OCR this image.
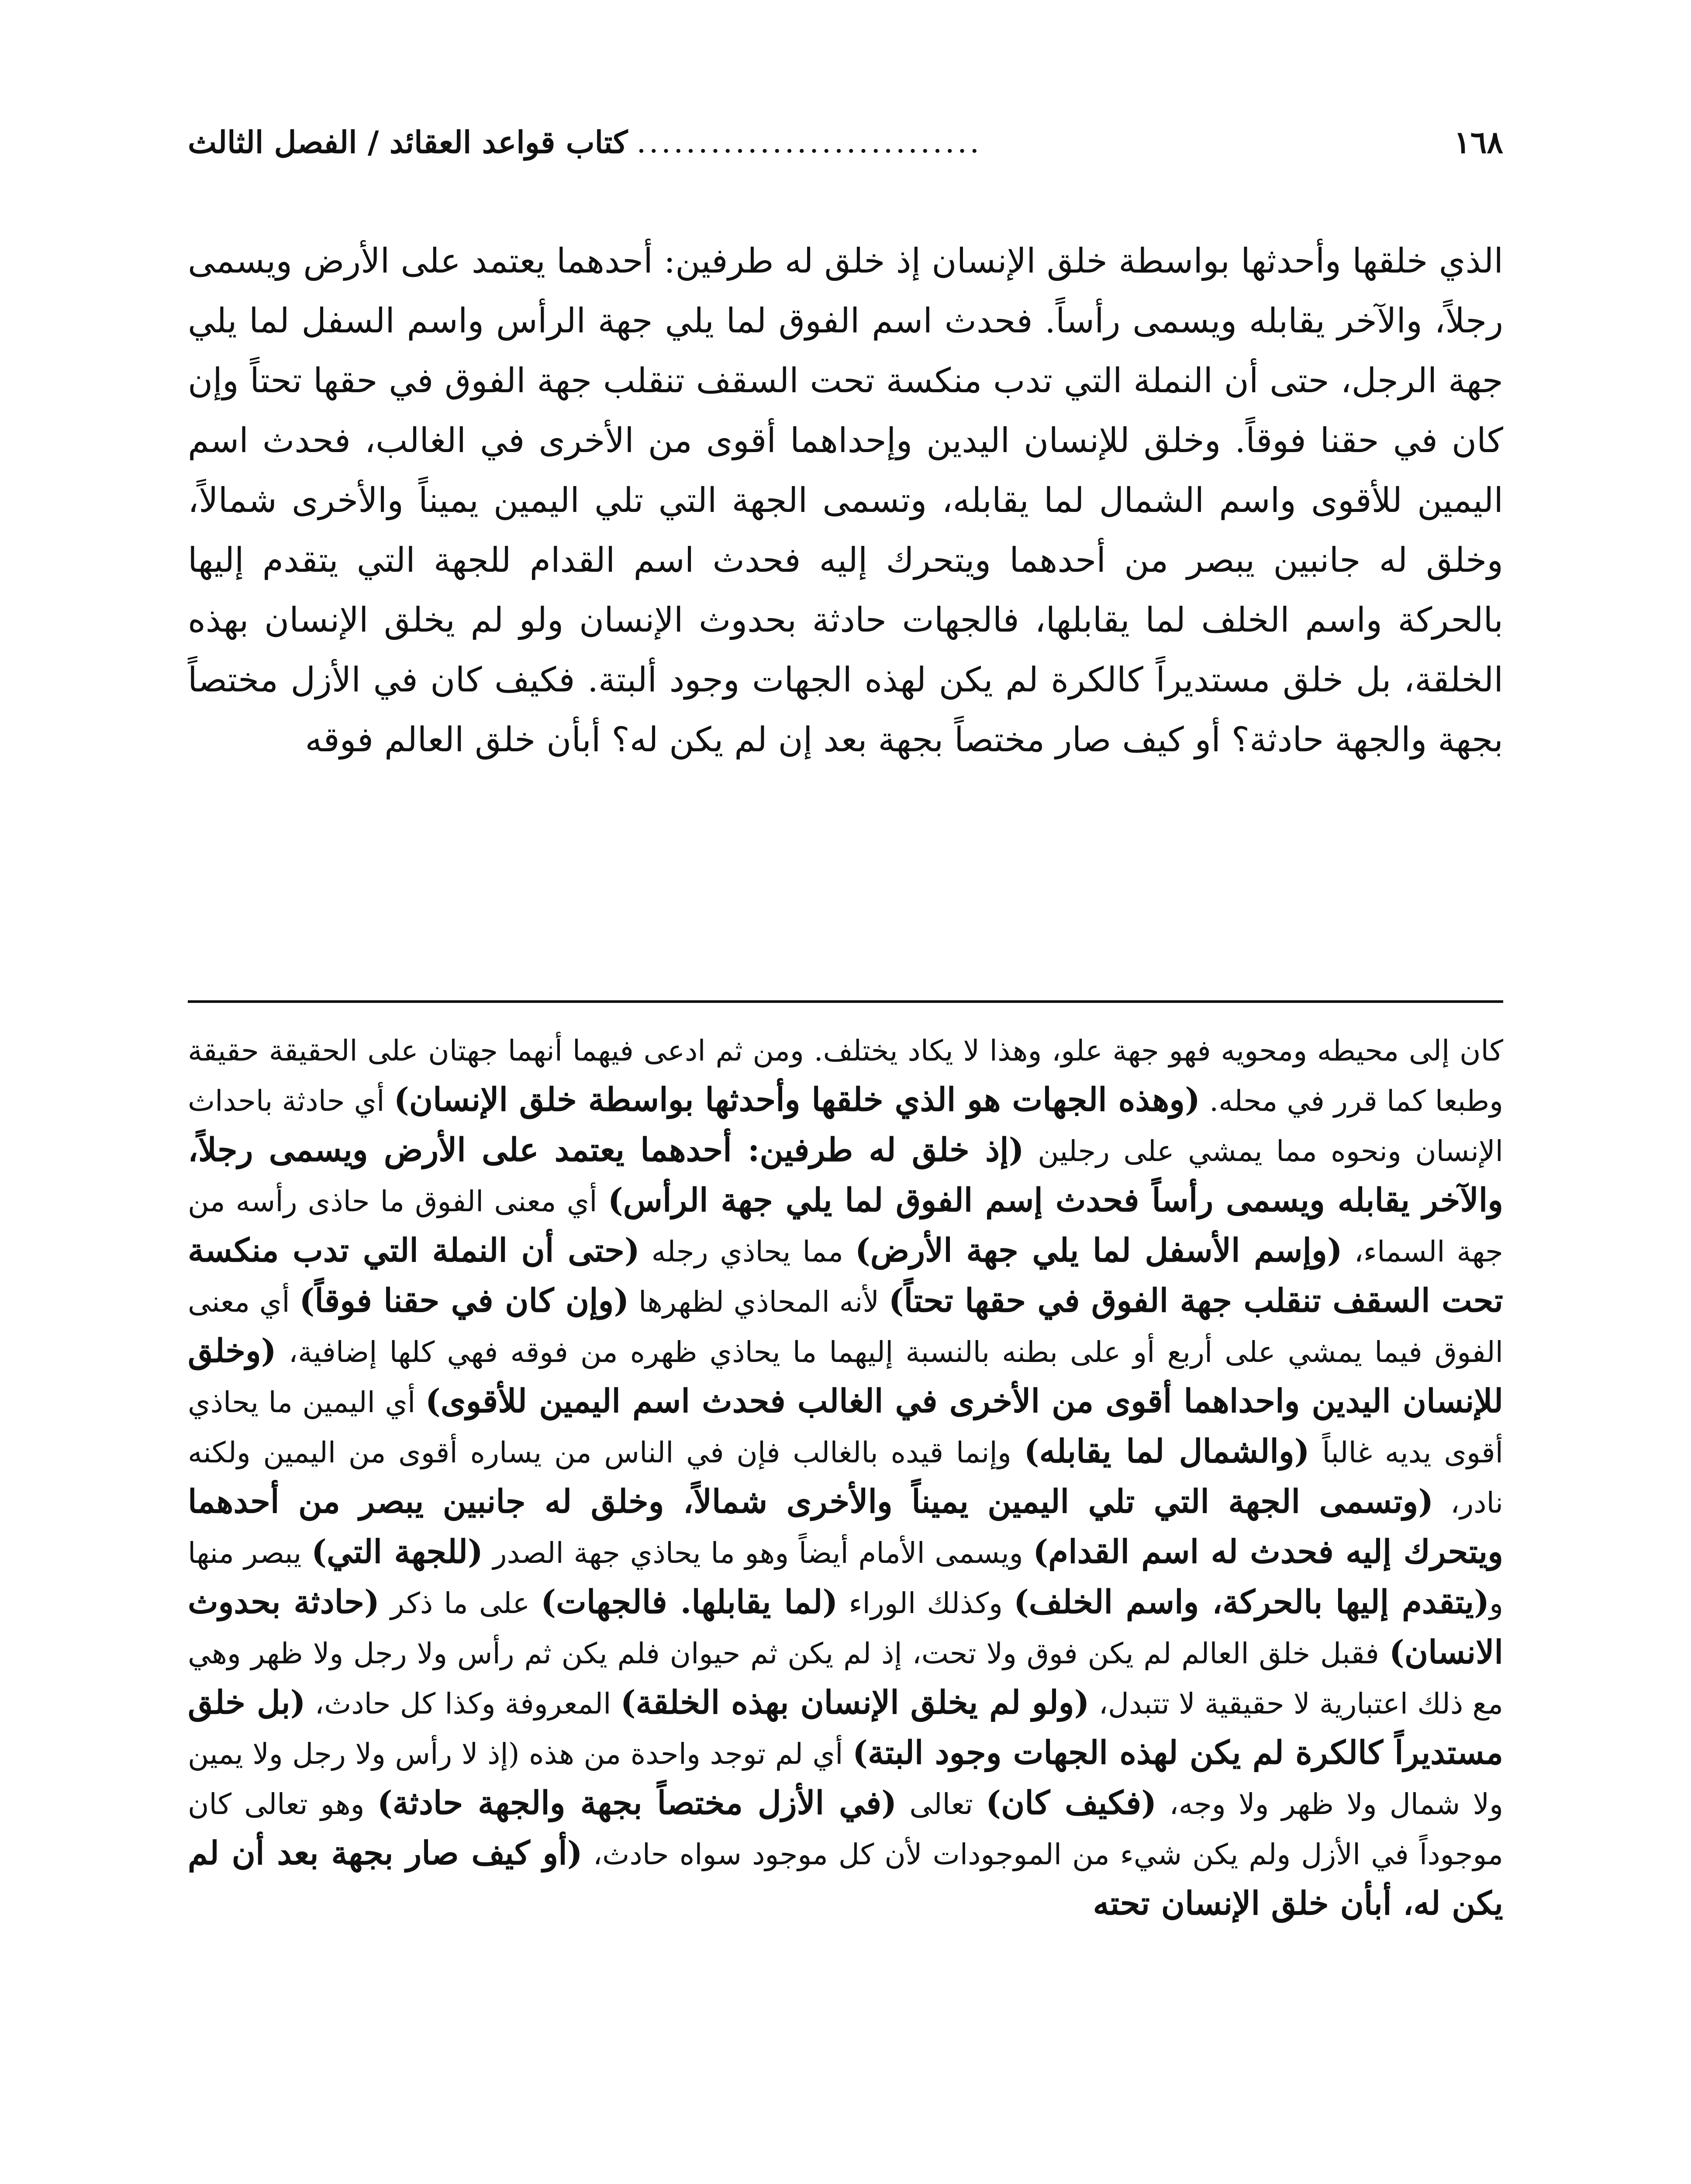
١٦٨
............................
كتاب قواعد العقائد / الفصل الثالث

الذي خلقها وأحدثها بواسطة خلق الإنسان إذ خلق له طرفين: أحدهما يعتمد على الأرض ويسمى رجلاً، والآخر يقابله ويسمى رأساً. فحدث اسم الفوق لما يلي جهة الرأس واسم السفل لما يلي جهة الرجل، حتى أن النملة التي تدب منكسة تحت السقف تنقلب جهة الفوق في حقها تحتاً وإن كان في حقنا فوقاً. وخلق للإنسان اليدين وإحداهما أقوى من الأخرى في الغالب، فحدث اسم اليمين للأقوى واسم الشمال لما يقابله، وتسمى الجهة التي تلي اليمين يميناً والأخرى شمالاً، وخلق له جانبين يبصر من أحدهما ويتحرك إليه فحدث اسم القدام للجهة التي يتقدم إليها بالحركة واسم الخلف لما يقابلها، فالجهات حادثة بحدوث الإنسان ولو لم يخلق الإنسان بهذه الخلقة، بل خلق مستديراً كالكرة لم يكن لهذه الجهات وجود ألبتة. فكيف كان في الأزل مختصاً بجهة والجهة حادثة؟ أو كيف صار مختصاً بجهة بعد إن لم يكن له؟ أبأن خلق العالم فوقه

كان إلى محيطه ومحويه فهو جهة علو، وهذا لا يكاد يختلف. ومن ثم ادعى فيهما أنهما جهتان على الحقيقة حقيقة وطبعا كما قرر في محله. (وهذه الجهات هو الذي خلقها وأحدثها بواسطة خلق الإنسان) أي حادثة باحداث الإنسان ونحوه مما يمشي على رجلين (إذ خلق له طرفين: أحدهما يعتمد على الأرض ويسمى رجلاً، والآخر يقابله ويسمى رأساً فحدث إسم الفوق لما يلي جهة الرأس) أي معنى الفوق ما حاذى رأسه من جهة السماء، (وإسم الأسفل لما يلي جهة الأرض) مما يحاذي رجله (حتى أن النملة التي تدب منكسة تحت السقف تنقلب جهة الفوق في حقها تحتاً) لأنه المحاذي لظهرها (وإن كان في حقنا فوقاً) أي معنى الفوق فيما يمشي على أربع أو على بطنه بالنسبة إليهما ما يحاذي ظهره من فوقه فهي كلها إضافية، (وخلق للإنسان اليدين واحداهما أقوى من الأخرى في الغالب فحدث اسم اليمين للأقوى) أي اليمين ما يحاذي أقوى يديه غالباً (والشمال لما يقابله) وإنما قيده بالغالب فإن في الناس من يساره أقوى من اليمين ولكنه نادر، (وتسمى الجهة التي تلي اليمين يميناً والأخرى شمالاً، وخلق له جانبين يبصر من أحدهما ويتحرك إليه فحدث له اسم القدام) ويسمى الأمام أيضاً وهو ما يحاذي جهة الصدر (للجهة التي) يبصر منها و(يتقدم إليها بالحركة، واسم الخلف) وكذلك الوراء (لما يقابلها. فالجهات) على ما ذكر (حادثة بحدوث الانسان) فقبل خلق العالم لم يكن فوق ولا تحت، إذ لم يكن ثم حيوان فلم يكن ثم رأس ولا رجل ولا ظهر وهي مع ذلك اعتبارية لا حقيقية لا تتبدل، (ولو لم يخلق الإنسان بهذه الخلقة) المعروفة وكذا كل حادث، (بل خلق مستديراً كالكرة لم يكن لهذه الجهات وجود البتة) أي لم توجد واحدة من هذه (إذ لا رأس ولا رجل ولا يمين ولا شمال ولا ظهر ولا وجه، (فكيف كان) تعالى (في الأزل مختصاً بجهة والجهة حادثة) وهو تعالى كان موجوداً في الأزل ولم يكن شيء من الموجودات لأن كل موجود سواه حادث، (أو كيف صار بجهة بعد أن لم يكن له، أبأن خلق الإنسان تحته
